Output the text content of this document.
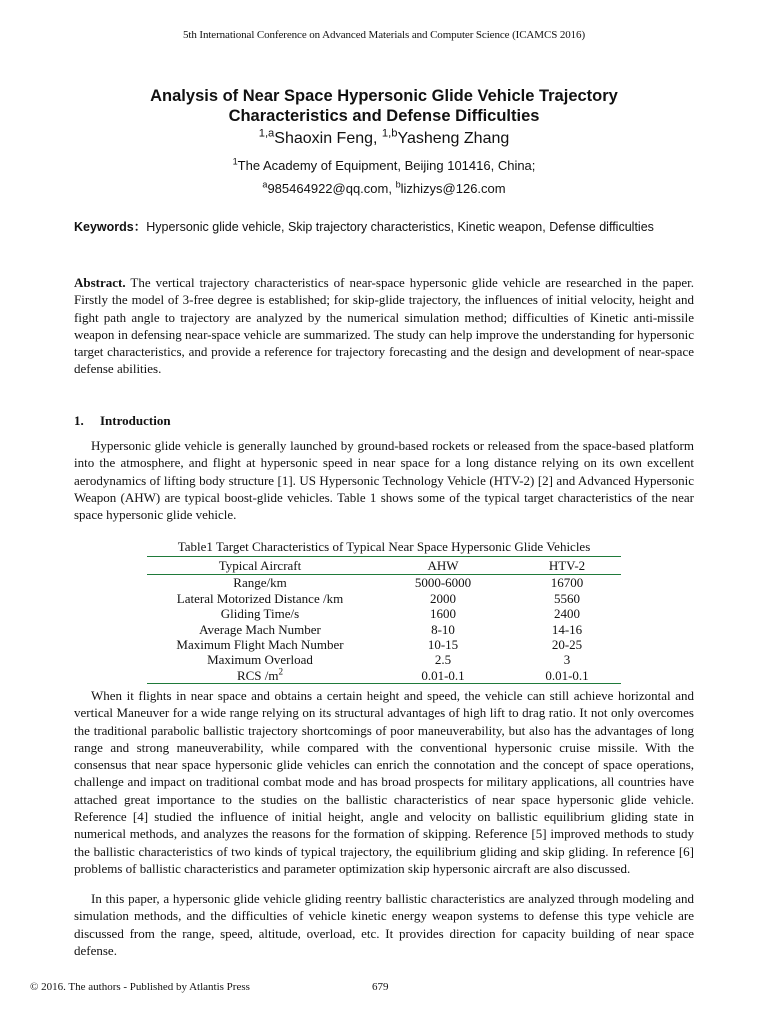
5th International Conference on Advanced Materials and Computer Science (ICAMCS 2016)
Analysis of Near Space Hypersonic Glide Vehicle Trajectory
Characteristics and Defense Difficulties
$^{1,a}$Shaoxin Feng, $^{1,b}$Yasheng Zhang
$^1$The Academy of Equipment, Beijing 101416, China;
$^a$985464922@qq.com, $^b$lizhizys@126.com
Keywords：Hypersonic glide vehicle, Skip trajectory characteristics, Kinetic weapon, Defense difficulties
Abstract. The vertical trajectory characteristics of near-space hypersonic glide vehicle are researched in the paper. Firstly the model of 3-free degree is established; for skip-glide trajectory, the influences of initial velocity, height and fight path angle to trajectory are analyzed by the numerical simulation method; difficulties of Kinetic anti-missile weapon in defensing near-space vehicle are summarized. The study can help improve the understanding for hypersonic target characteristics, and provide a reference for trajectory forecasting and the design and development of near-space defense abilities.
1. Introduction
Hypersonic glide vehicle is generally launched by ground-based rockets or released from the space-based platform into the atmosphere, and flight at hypersonic speed in near space for a long distance relying on its own excellent aerodynamics of lifting body structure [1]. US Hypersonic Technology Vehicle (HTV-2) [2] and Advanced Hypersonic Weapon (AHW) are typical boost-glide vehicles. Table 1 shows some of the typical target characteristics of the near space hypersonic glide vehicle.
Table1 Target Characteristics of Typical Near Space Hypersonic Glide Vehicles
Typical Aircraft	AHW	HTV-2
Range/km	5000-6000	16700
Lateral Motorized Distance /km	2000	5560
Gliding Time/s	1600	2400
Average Mach Number	8-10	14-16
Maximum Flight Mach Number	10-15	20-25
Maximum Overload	2.5	3
RCS $/m^2$	0.01-0.1	0.01-0.1
When it flights in near space and obtains a certain height and speed, the vehicle can still achieve horizontal and vertical Maneuver for a wide range relying on its structural advantages of high lift to drag ratio. It not only overcomes the traditional parabolic ballistic trajectory shortcomings of poor maneuverability, but also has the advantages of long range and strong maneuverability, while compared with the conventional hypersonic cruise missile. With the consensus that near space hypersonic glide vehicles can enrich the connotation and the concept of space operations, challenge and impact on traditional combat mode and has broad prospects for military applications, all countries have attached great importance to the studies on the ballistic characteristics of near space hypersonic glide vehicle. Reference [4] studied the influence of initial height, angle and velocity on ballistic equilibrium gliding state in numerical methods, and analyzes the reasons for the formation of skipping. Reference [5] improved methods to study the ballistic characteristics of two kinds of typical trajectory, the equilibrium gliding and skip gliding. In reference [6] problems of ballistic characteristics and parameter optimization skip hypersonic aircraft are also discussed.
In this paper, a hypersonic glide vehicle gliding reentry ballistic characteristics are analyzed through modeling and simulation methods, and the difficulties of vehicle kinetic energy weapon systems to defense this type vehicle are discussed from the range, speed, altitude, overload, etc. It provides direction for capacity building of near space defense.
© 2016. The authors - Published by Atlantis Press	679
